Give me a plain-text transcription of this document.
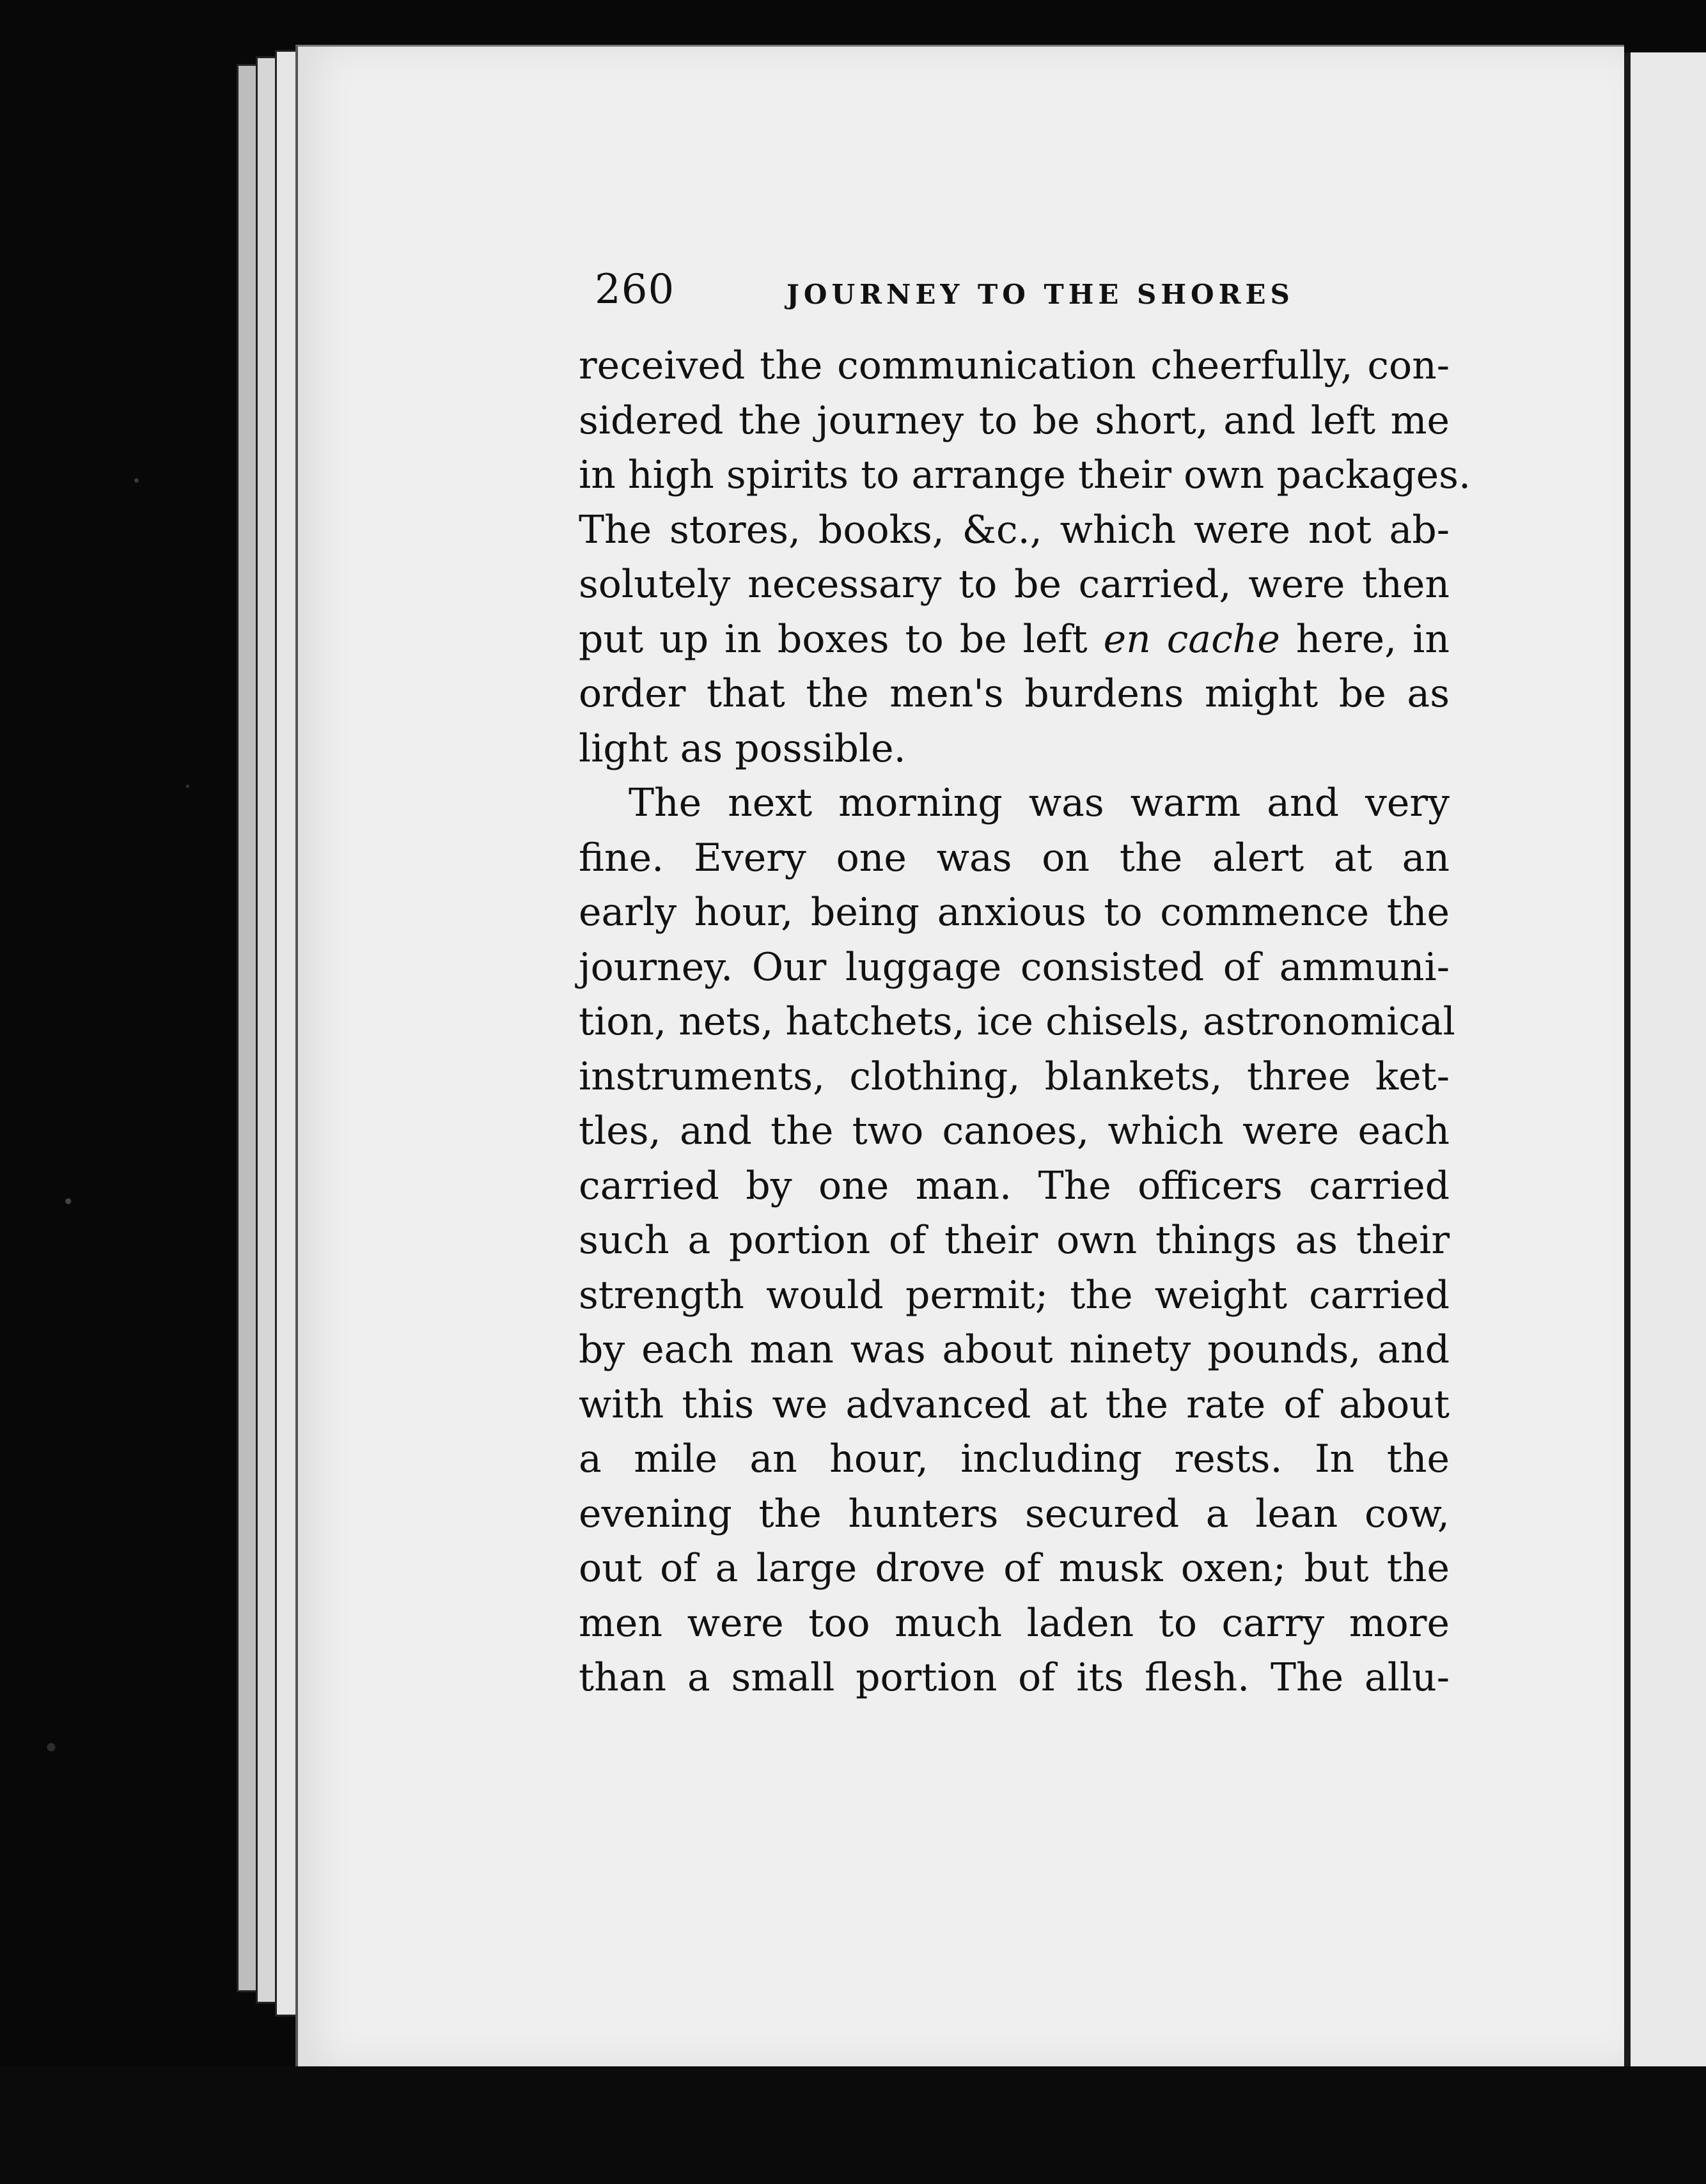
260	JOURNEY TO THE SHORES
received the communication cheerfully, con-
sidered the journey to be short, and left me
in high spirits to arrange their own packages.
The stores, books, &c., which were not ab-
solutely necessary to be carried, were then
put up in boxes to be left en cache here, in
order that the men's burdens might be as
light as possible.
The next morning was warm and very
fine. Every one was on the alert at an
early hour, being anxious to commence the
journey. Our luggage consisted of ammuni-
tion, nets, hatchets, ice chisels, astronomical
instruments, clothing, blankets, three ket-
tles, and the two canoes, which were each
carried by one man. The officers carried
such a portion of their own things as their
strength would permit; the weight carried
by each man was about ninety pounds, and
with this we advanced at the rate of about
a mile an hour, including rests. In the
evening the hunters secured a lean cow,
out of a large drove of musk oxen; but the
men were too much laden to carry more
than a small portion of its flesh. The allu-
